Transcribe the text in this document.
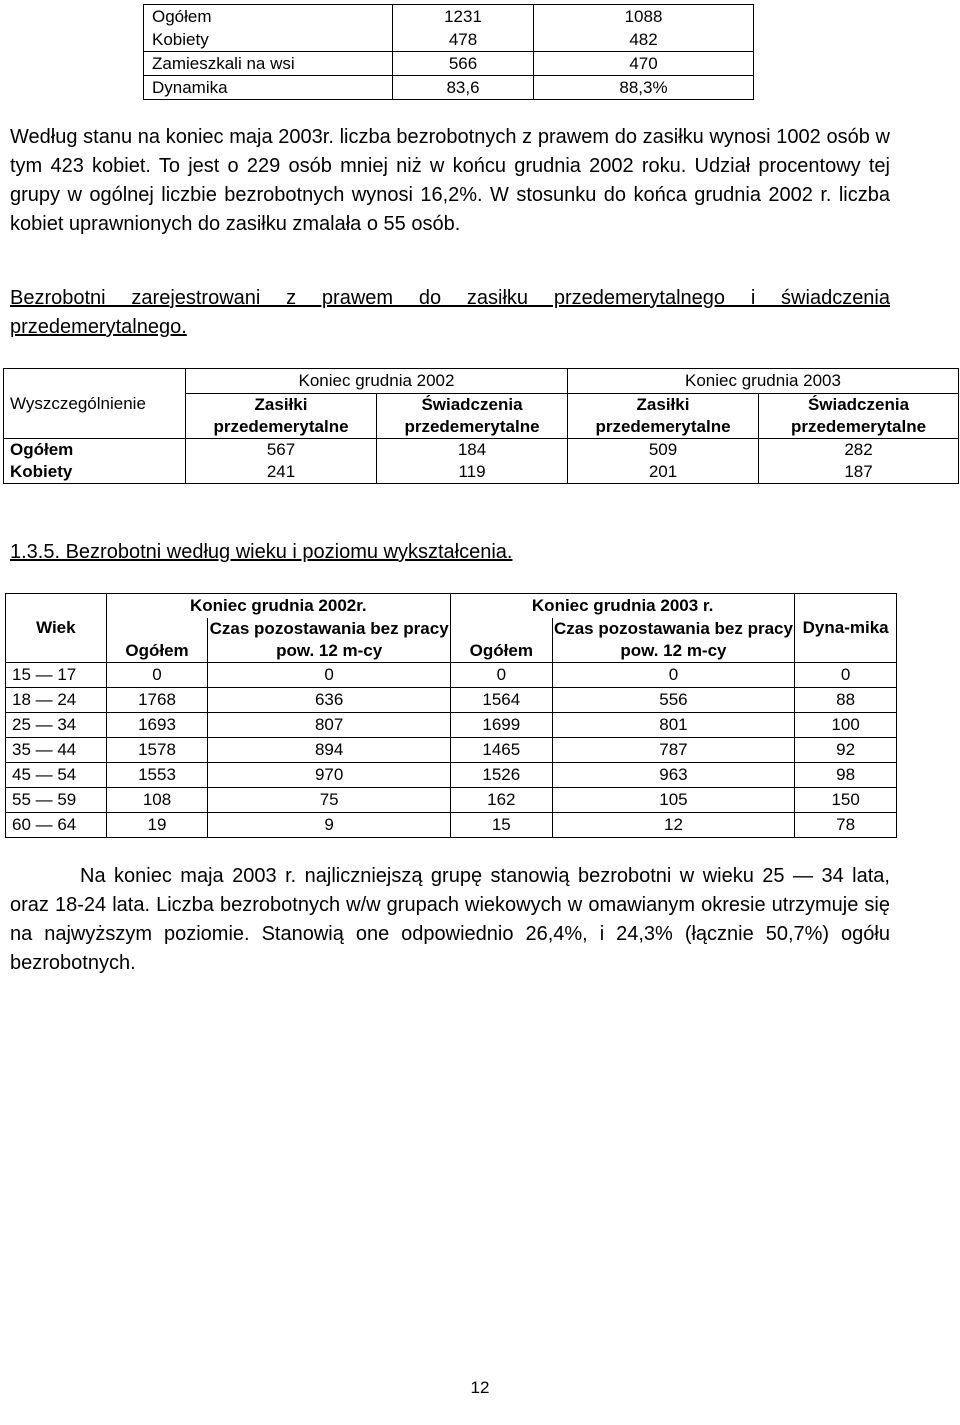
Ogółem	1231	1088
Kobiety	478	482
Zamieszkali na wsi	566	470
Dynamika	83,6	88,3%

Według stanu na koniec maja 2003r. liczba bezrobotnych z prawem do zasiłku wynosi 1002 osób w tym 423 kobiet. To jest o 229 osób mniej niż w końcu grudnia 2002 roku. Udział procentowy tej grupy w ogólnej liczbie bezrobotnych wynosi 16,2%. W stosunku do końca grudnia 2002 r. liczba kobiet uprawnionych do zasiłku zmalała o 55 osób.

Bezrobotni zarejestrowani z prawem do zasiłku przedemerytalnego i świadczenia przedemerytalnego.

Wyszczególnienie	Koniec grudnia 2002		Koniec grudnia 2003	
	Zasiłki przedemerytalne	Świadczenia przedemerytalne	Zasiłki przedemerytalne	Świadczenia przedemerytalne
Ogółem	567	184	509	282
Kobiety	241	119	201	187

1.3.5. Bezrobotni według wieku i poziomu wykształcenia.

Wiek	Koniec grudnia 2002r.		Koniec grudnia 2003 r.		Dyna-mika
	Ogółem	Czas pozostawania bez pracy pow. 12 m-cy	Ogółem	Czas pozostawania bez pracy pow. 12 m-cy	
15 — 17	0	0	0	0	0
18 — 24	1768	636	1564	556	88
25 — 34	1693	807	1699	801	100
35 — 44	1578	894	1465	787	92
45 — 54	1553	970	1526	963	98
55 — 59	108	75	162	105	150
60 — 64	19	9	15	12	78

Na koniec maja 2003 r. najliczniejszą grupę stanowią bezrobotni w wieku 25 — 34 lata, oraz 18-24 lata. Liczba bezrobotnych w/w grupach wiekowych w omawianym okresie utrzymuje się na najwyższym poziomie. Stanowią one odpowiednio 26,4%, i 24,3% (łącznie 50,7%) ogółu bezrobotnych.

12
